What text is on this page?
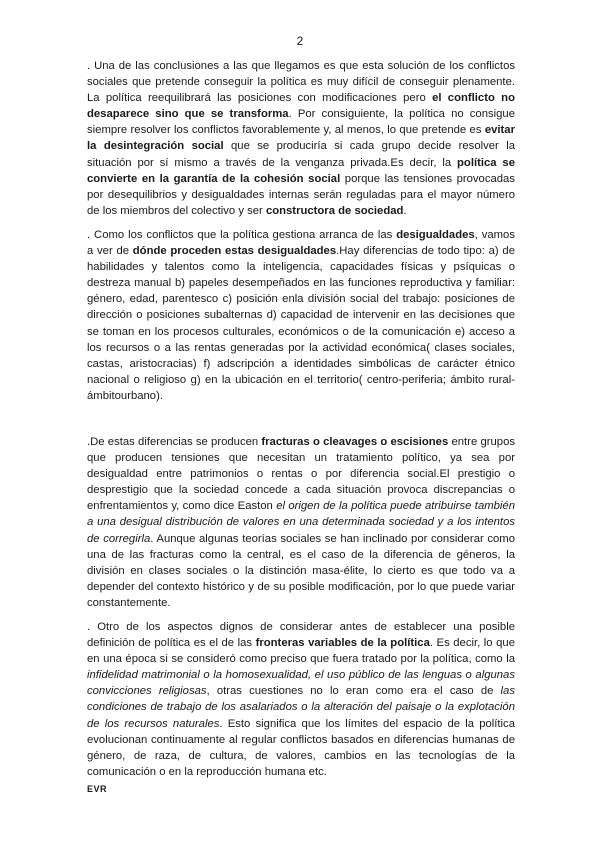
2

. Una de las conclusiones a las que llegamos es que esta solución de los conflictos sociales que pretende conseguir la política es muy difícil de conseguir plenamente. La política reequilibrará las posiciones con modificaciones pero el conflicto no desaparece sino que se transforma. Por consiguiente, la política no consigue siempre resolver los conflictos favorablemente y, al menos, lo que pretende es evitar la desintegración social que se produciría si cada grupo decide resolver la situación por sí mismo a través de la venganza privada.Es decir, la política se convierte en la garantía de la cohesión social porque las tensiones provocadas por desequilibrios y desigualdades internas serán reguladas para el mayor número de los miembros del colectivo y ser constructora de sociedad.

. Como los conflictos que la política gestiona arranca de las desigualdades, vamos a ver de dónde proceden estas desigualdades.Hay diferencias de todo tipo: a) de habilidades y talentos como la inteligencia, capacidades físicas y psíquicas o destreza manual b) papeles desempeñados en las funciones reproductiva y familiar: género, edad, parentesco c) posición enla división social del trabajo: posiciones de dirección o posiciones subalternas d) capacidad de intervenir en las decisiones que se toman en los procesos culturales, económicos o de la comunicación e) acceso a los recursos o a las rentas generadas por la actividad económica( clases sociales, castas, aristocracias) f) adscripción a identidades simbólicas de carácter étnico nacional o religioso g) en la ubicación en el territorio( centro-periferia; ámbito rural- ámbitourbano).

.De estas diferencias se producen fracturas o cleavages o escisiones entre grupos que producen tensiones que necesitan un tratamiento político, ya sea por desigualdad entre patrimonios o rentas o por diferencia social.El prestigio o desprestigio que la sociedad concede a cada situación provoca discrepancias o enfrentamientos y, como dice Easton el origen de la política puede atribuirse también a una desigual distribución de valores en una determinada sociedad y a los intentos de corregirla. Aunque algunas teorías sociales se han inclinado por considerar como una de las fracturas como la central, es el caso de la diferencia de géneros, la división en clases sociales o la distinción masa-élite, lo cierto es que todo va a depender del contexto histórico y de su posible modificación, por lo que puede variar constantemente.

. Otro de los aspectos dignos de considerar antes de establecer una posible definición de política es el de las fronteras variables de la política. Es decir, lo que en una época si se consideró como preciso que fuera tratado por la política, como la infidelidad matrimonial o la homosexualidad, el uso público de las lenguas o algunas convicciones religiosas, otras cuestiones no lo eran como era el caso de las condiciones de trabajo de los asalariados o la alteración del paisaje o la explotación de los recursos naturales. Esto significa que los límites del espacio de la política evolucionan continuamente al regular conflictos basados en diferencias humanas de género, de raza, de cultura, de valores, cambios en las tecnologías de la comunicación o en la reproducción humana etc.

EVR
